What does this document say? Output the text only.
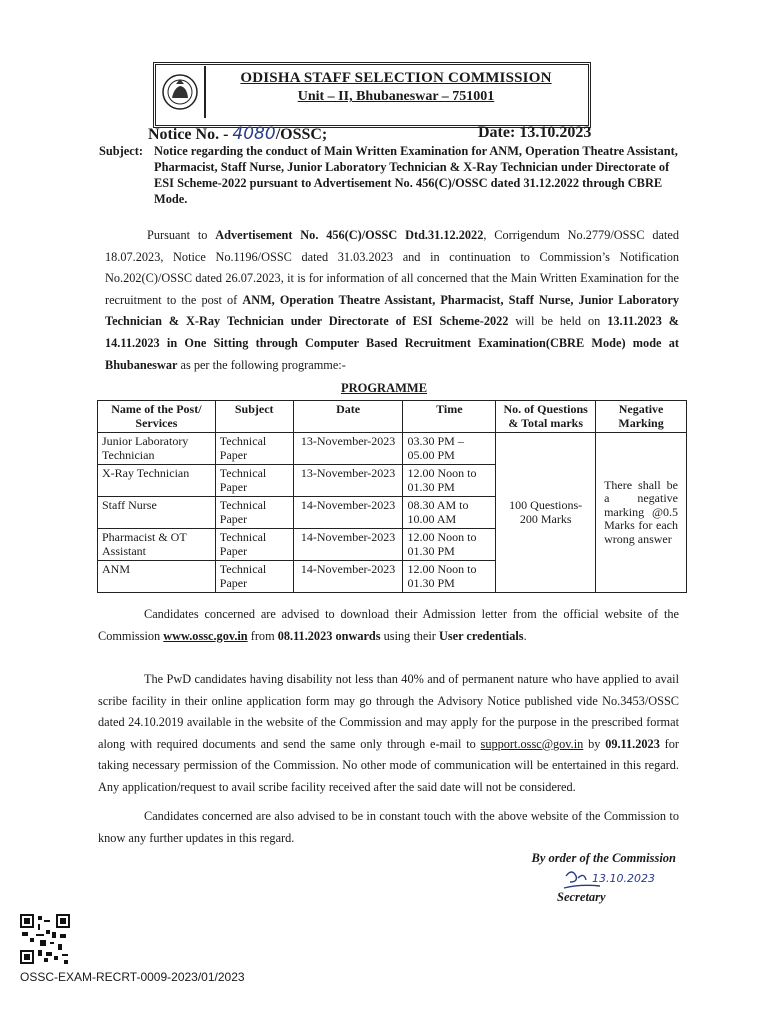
ODISHA STAFF SELECTION COMMISSION
Unit – II, Bhubaneswar – 751001
Notice No. - 4080/OSSC;	Date: 13.10.2023
Subject: Notice regarding the conduct of Main Written Examination for ANM, Operation Theatre Assistant, Pharmacist, Staff Nurse, Junior Laboratory Technician & X-Ray Technician under Directorate of ESI Scheme-2022 pursuant to Advertisement No. 456(C)/OSSC dated 31.12.2022 through CBRE Mode.
Pursuant to Advertisement No. 456(C)/OSSC Dtd.31.12.2022, Corrigendum No.2779/OSSC dated 18.07.2023, Notice No.1196/OSSC dated 31.03.2023 and in continuation to Commission’s Notification No.202(C)/OSSC dated 26.07.2023, it is for information of all concerned that the Main Written Examination for the recruitment to the post of ANM, Operation Theatre Assistant, Pharmacist, Staff Nurse, Junior Laboratory Technician & X-Ray Technician under Directorate of ESI Scheme-2022 will be held on 13.11.2023 & 14.11.2023 in One Sitting through Computer Based Recruitment Examination(CBRE Mode) mode at Bhubaneswar as per the following programme:-
PROGRAMME
Name of the Post/ Services	Subject	Date	Time	No. of Questions & Total marks	Negative Marking
Junior Laboratory Technician	Technical Paper	13-November-2023	03.30 PM – 05.00 PM	100 Questions- 200 Marks	There shall be a negative marking @0.5 Marks for each wrong answer
X-Ray Technician	Technical Paper	13-November-2023	12.00 Noon to 01.30 PM		
Staff Nurse	Technical Paper	14-November-2023	08.30 AM to 10.00 AM		
Pharmacist & OT Assistant	Technical Paper	14-November-2023	12.00 Noon to 01.30 PM		
ANM	Technical Paper	14-November-2023	12.00 Noon to 01.30 PM		
Candidates concerned are advised to download their Admission letter from the official website of the Commission www.ossc.gov.in from 08.11.2023 onwards using their User credentials.
The PwD candidates having disability not less than 40% and of permanent nature who have applied to avail scribe facility in their online application form may go through the Advisory Notice published vide No.3453/OSSC dated 24.10.2019 available in the website of the Commission and may apply for the purpose in the prescribed format along with required documents and send the same only through e-mail to support.ossc@gov.in by 09.11.2023 for taking necessary permission of the Commission. No other mode of communication will be entertained in this regard. Any application/request to avail scribe facility received after the said date will not be considered.
Candidates concerned are also advised to be in constant touch with the above website of the Commission to know any further updates in this regard.
By order of the Commission
13.10.2023
Secretary
OSSC-EXAM-RECRT-0009-2023/01/2023
